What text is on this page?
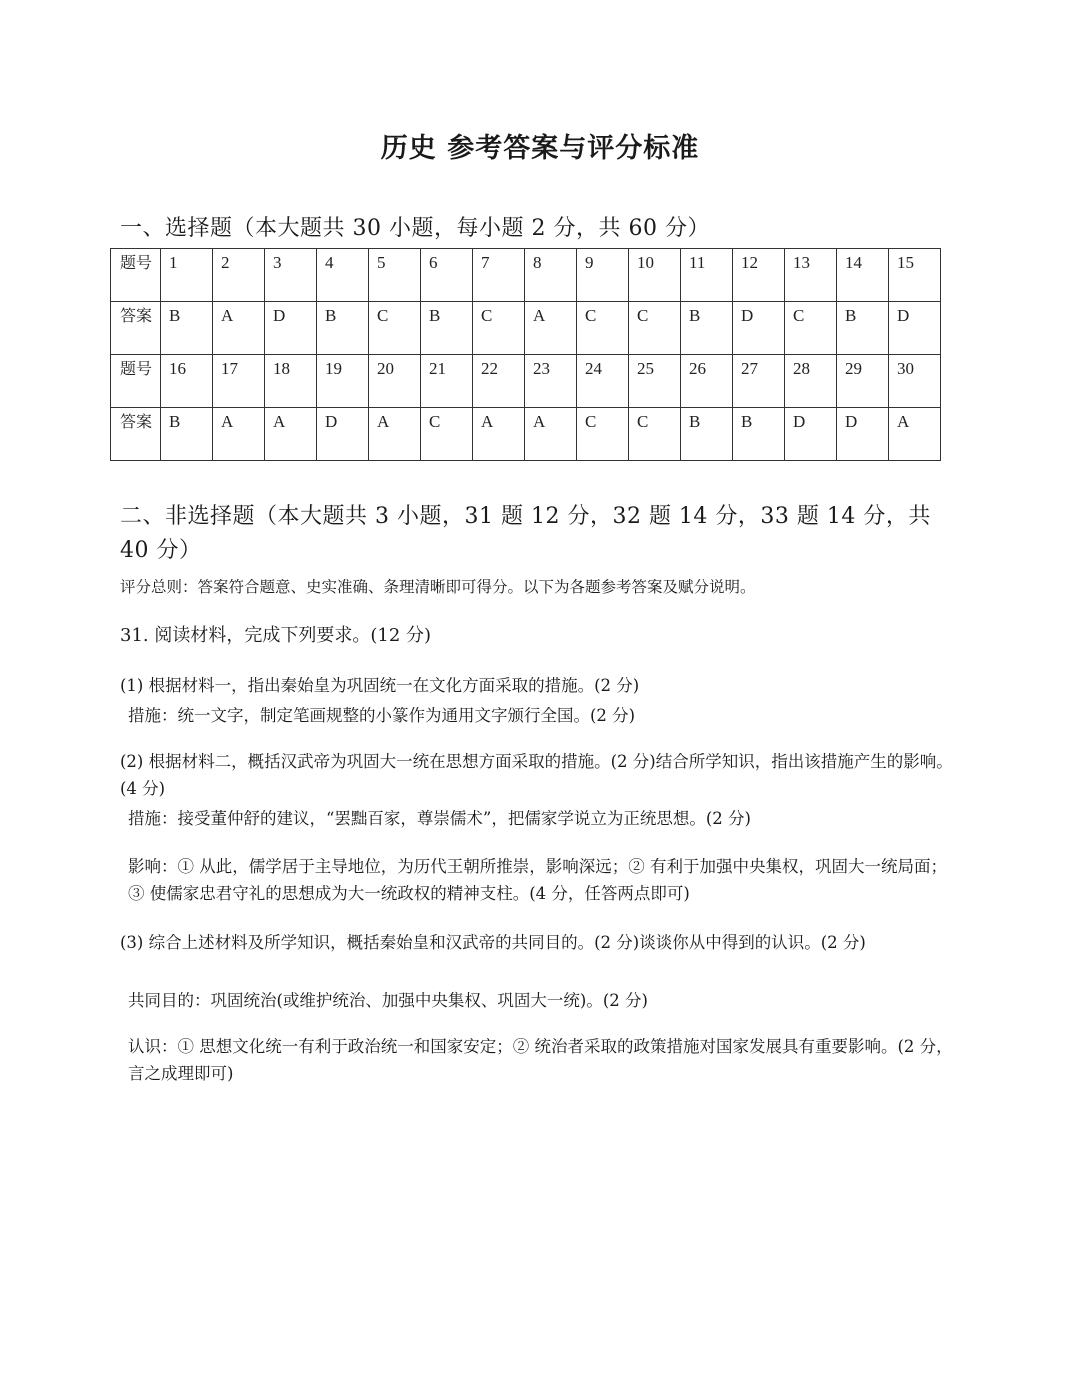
历史 参考答案与评分标准
一、选择题（本大题共 30 小题，每小题 2 分，共 60 分）
题号	1	2	3	4	5	6	7	8	9	10	11	12	13	14	15
答案	B	A	D	B	C	B	C	A	C	C	B	D	C	B	D
题号	16	17	18	19	20	21	22	23	24	25	26	27	28	29	30
答案	B	A	A	D	A	C	A	A	C	C	B	B	D	D	A
二、非选择题（本大题共 3 小题，31 题 12 分，32 题 14 分，33 题 14 分，共 40 分）
评分总则：答案符合题意、史实准确、条理清晰即可得分。以下为各题参考答案及赋分说明。
31. 阅读材料，完成下列要求。(12 分)
(1) 根据材料一，指出秦始皇为巩固统一在文化方面采取的措施。(2 分)
措施：统一文字，制定笔画规整的小篆作为通用文字颁行全国。(2 分)
(2) 根据材料二，概括汉武帝为巩固大一统在思想方面采取的措施。(2 分)结合所学知识，指出该措施产生的影响。(4 分)
措施：接受董仲舒的建议，“罢黜百家，尊崇儒术”，把儒家学说立为正统思想。(2 分)
影响：① 从此，儒学居于主导地位，为历代王朝所推崇，影响深远；② 有利于加强中央集权，巩固大一统局面；③ 使儒家忠君守礼的思想成为大一统政权的精神支柱。(4 分，任答两点即可)
(3) 综合上述材料及所学知识，概括秦始皇和汉武帝的共同目的。(2 分)谈谈你从中得到的认识。(2 分)
共同目的：巩固统治(或维护统治、加强中央集权、巩固大一统)。(2 分)
认识：① 思想文化统一有利于政治统一和国家安定；② 统治者采取的政策措施对国家发展具有重要影响。(2 分，言之成理即可)
